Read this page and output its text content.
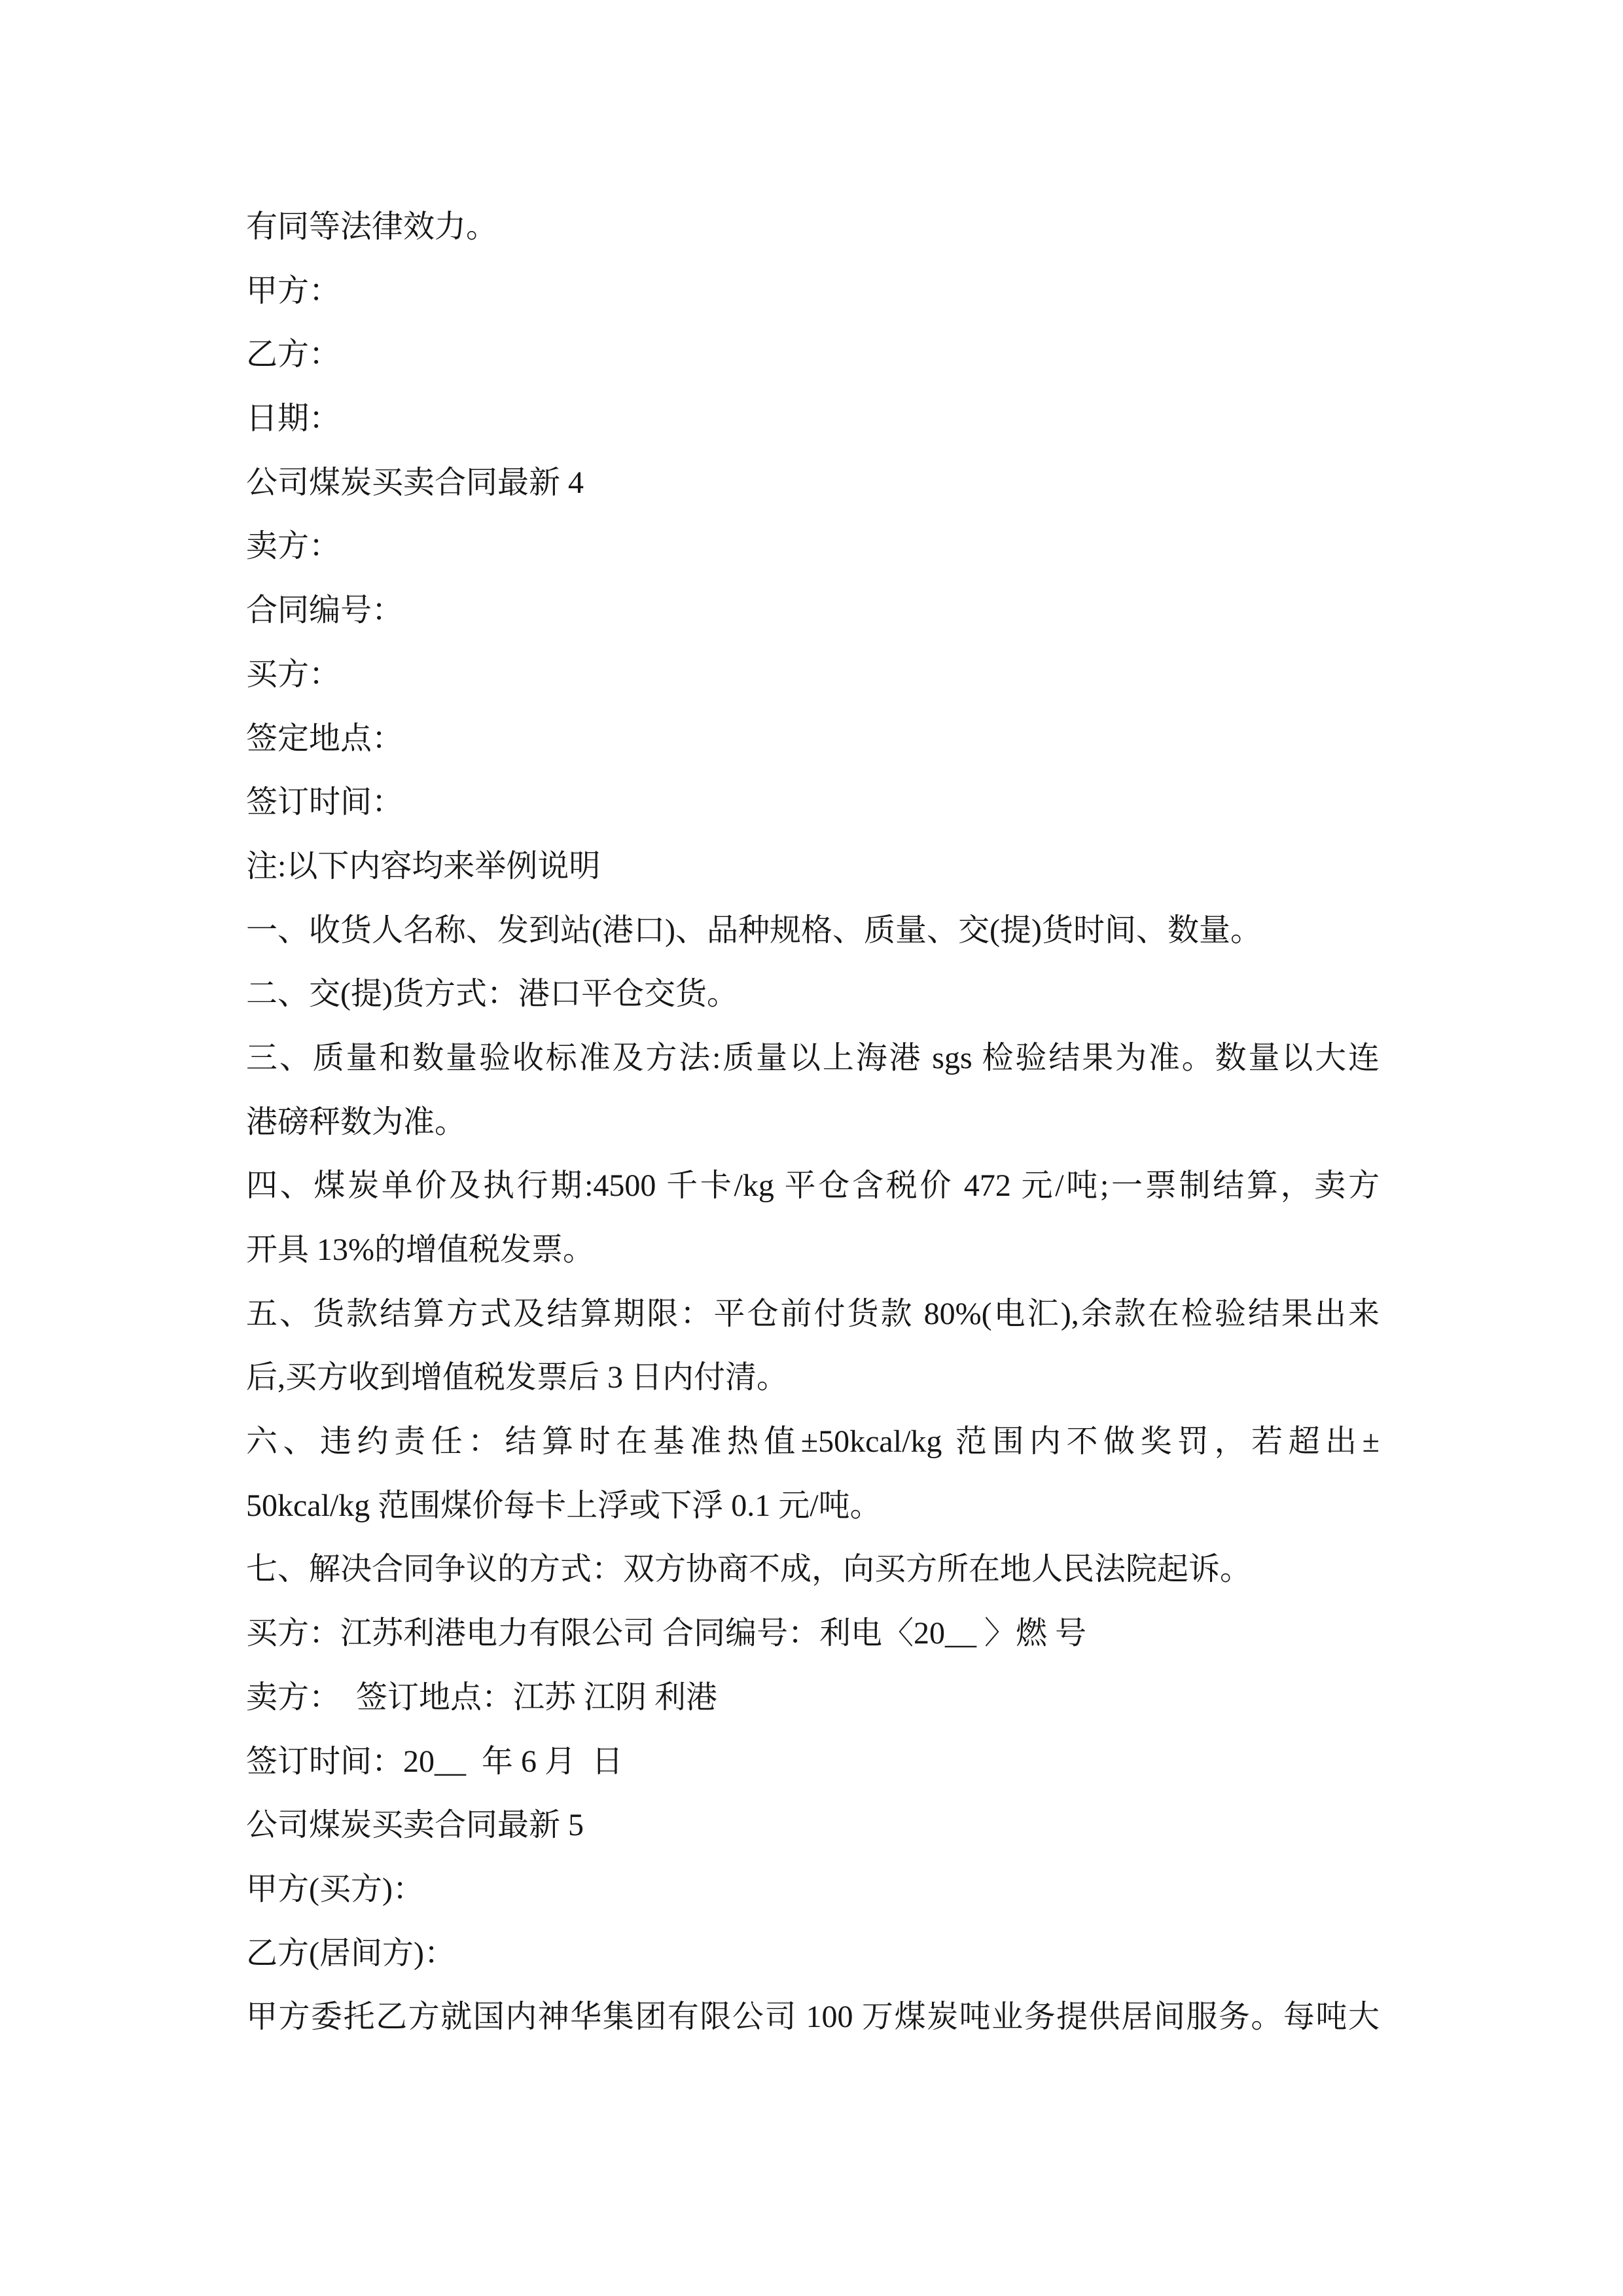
有同等法律效力。
甲方：
乙方：
日期：
公司煤炭买卖合同最新 4
卖方：
合同编号：
买方：
签定地点：
签订时间：
注:以下内容均来举例说明
一、收货人名称、发到站(港口)、品种规格、质量、交(提)货时间、数量。
二、交(提)货方式：港口平仓交货。
三、质量和数量验收标准及方法:质量以上海港 sgs 检验结果为准。数量以大连
港磅秤数为准。
四、煤炭单价及执行期:4500 千卡/kg 平仓含税价 472 元/吨;一票制结算，卖方
开具 13%的增值税发票。
五、货款结算方式及结算期限：平仓前付货款 80%(电汇),余款在检验结果出来
后,买方收到增值税发票后 3 日内付清。
六、违约责任：结算时在基准热值±50kcal/kg 范围内不做奖罚，若超出±
50kcal/kg 范围煤价每卡上浮或下浮 0.1 元/吨。
七、解决合同争议的方式：双方协商不成，向买方所在地人民法院起诉。
买方：江苏利港电力有限公司 合同编号：利电〈20__ 〉燃 号
卖方：  签订地点：江苏 江阴 利港
签订时间：20__  年 6 月  日
公司煤炭买卖合同最新 5
甲方(买方)：
乙方(居间方)：
甲方委托乙方就国内神华集团有限公司 100 万煤炭吨业务提供居间服务。每吨大
